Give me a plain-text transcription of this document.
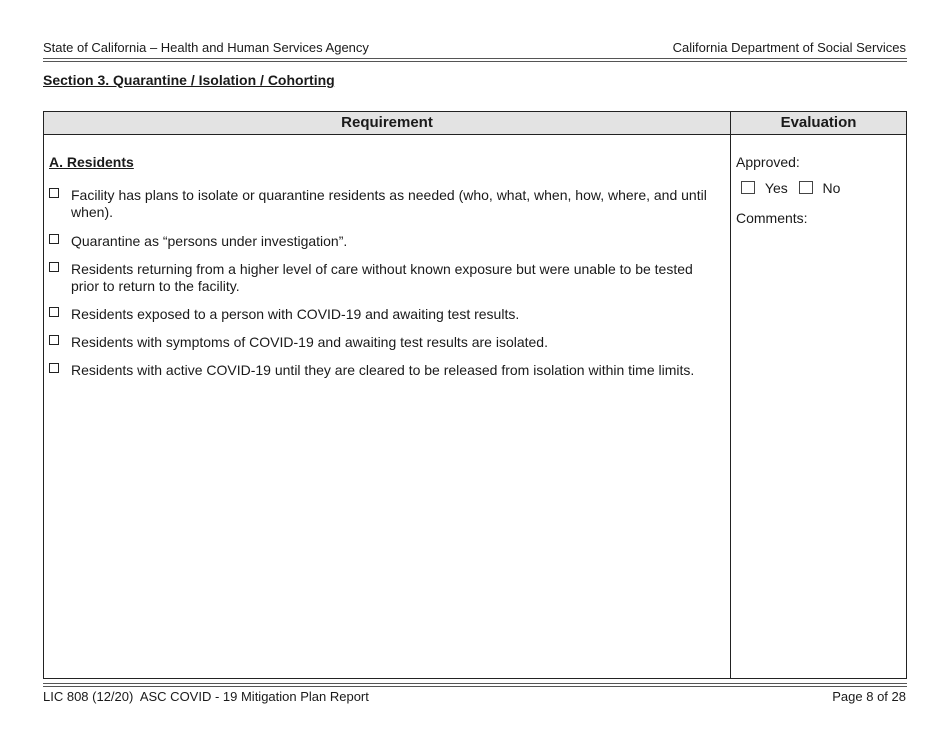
State of California – Health and Human Services Agency	California Department of Social Services
Section 3. Quarantine / Isolation / Cohorting
Requirement	Evaluation
A. Residents
Facility has plans to isolate or quarantine residents as needed (who, what, when, how, where, and until when).
Quarantine as “persons under investigation”.
Residents returning from a higher level of care without known exposure but were unable to be tested prior to return to the facility.
Residents exposed to a person with COVID-19 and awaiting test results.
Residents with symptoms of COVID-19 and awaiting test results are isolated.
Residents with active COVID-19 until they are cleared to be released from isolation within time limits.
Approved:
Yes No
Comments:
LIC 808 (12/20)  ASC COVID - 19 Mitigation Plan Report	Page 8 of 28
